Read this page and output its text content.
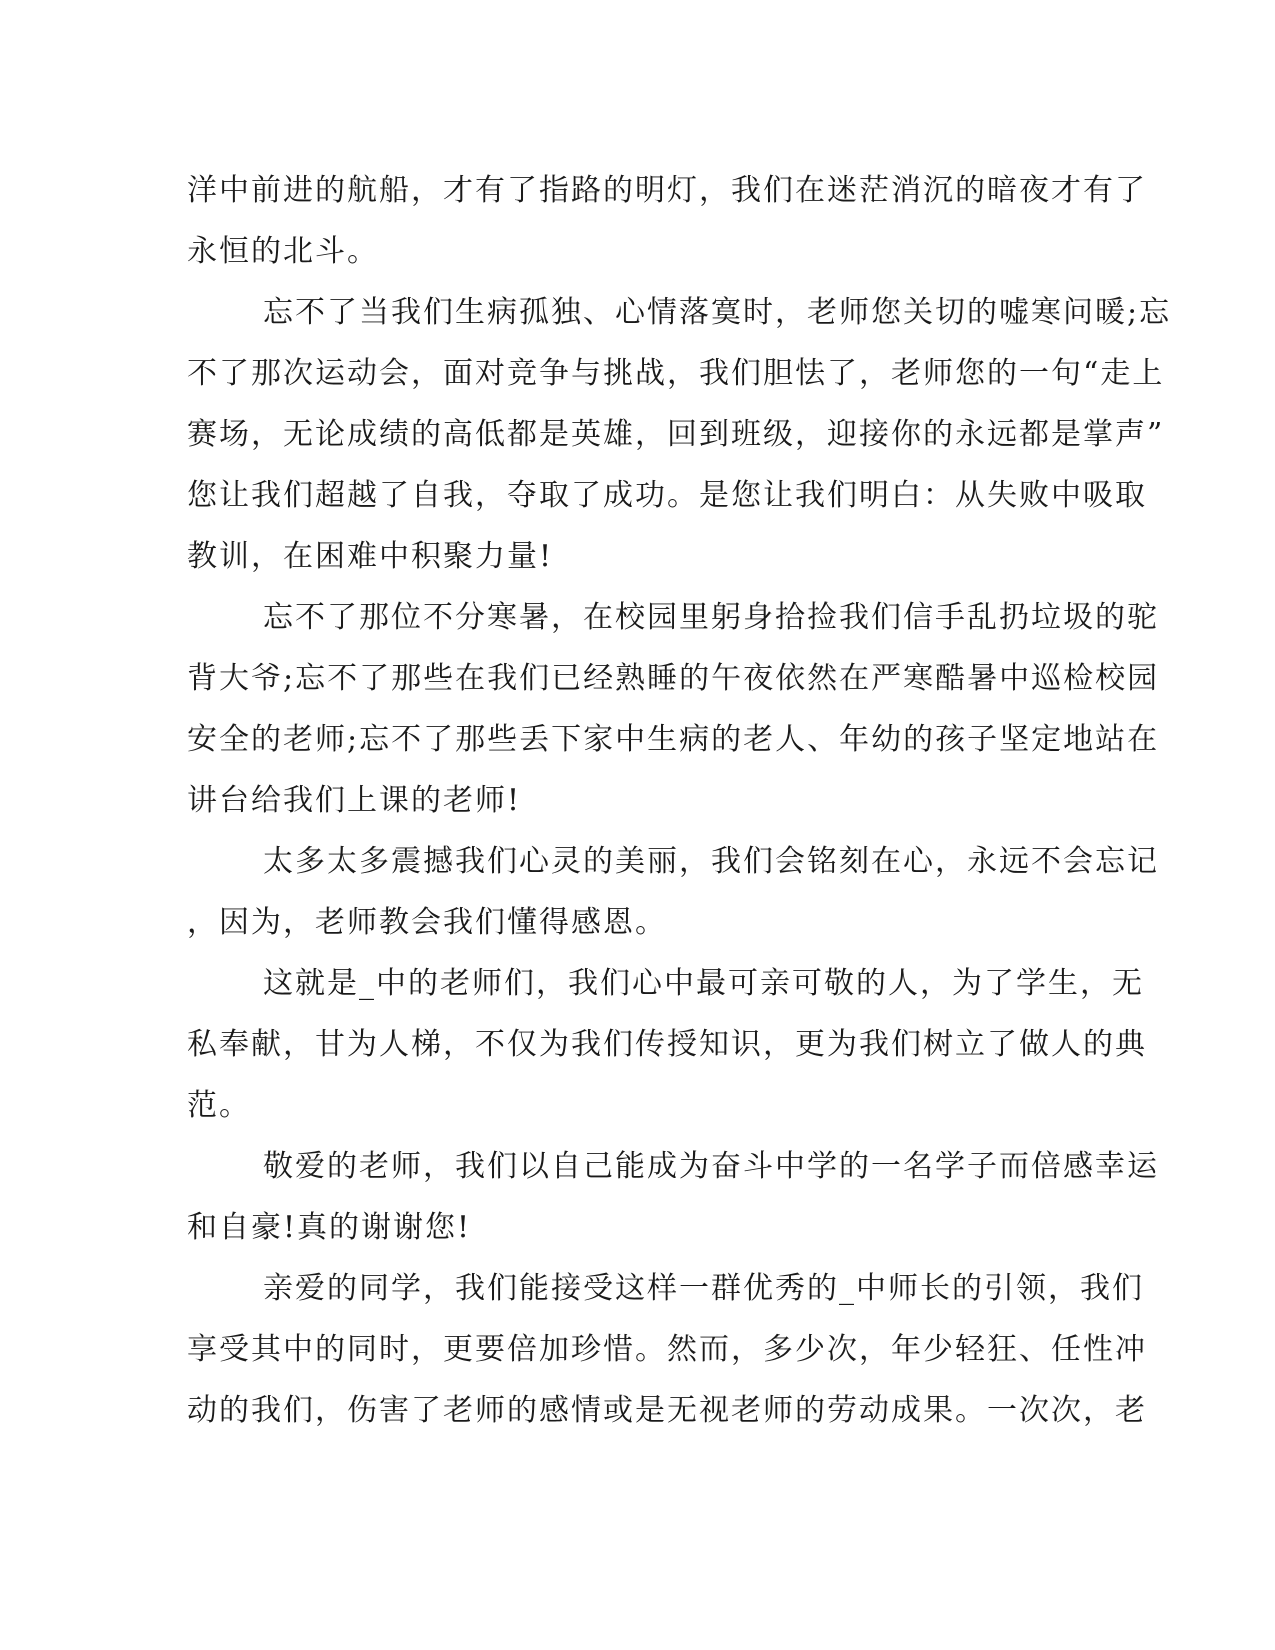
洋中前进的航船，才有了指路的明灯，我们在迷茫消沉的暗夜才有了
永恒的北斗。
忘不了当我们生病孤独、心情落寞时，老师您关切的嘘寒问暖;忘
不了那次运动会，面对竞争与挑战，我们胆怯了，老师您的一句“走上
赛场，无论成绩的高低都是英雄，回到班级，迎接你的永远都是掌声”
您让我们超越了自我，夺取了成功。是您让我们明白：从失败中吸取
教训，在困难中积聚力量!
忘不了那位不分寒暑，在校园里躬身拾捡我们信手乱扔垃圾的驼
背大爷;忘不了那些在我们已经熟睡的午夜依然在严寒酷暑中巡检校园
安全的老师;忘不了那些丢下家中生病的老人、年幼的孩子坚定地站在
讲台给我们上课的老师!
太多太多震撼我们心灵的美丽，我们会铭刻在心，永远不会忘记
，因为，老师教会我们懂得感恩。
这就是_中的老师们，我们心中最可亲可敬的人，为了学生，无
私奉献，甘为人梯，不仅为我们传授知识，更为我们树立了做人的典
范。
敬爱的老师，我们以自己能成为奋斗中学的一名学子而倍感幸运
和自豪!真的谢谢您!
亲爱的同学，我们能接受这样一群优秀的_中师长的引领，我们
享受其中的同时，更要倍加珍惜。然而，多少次，年少轻狂、任性冲
动的我们，伤害了老师的感情或是无视老师的劳动成果。一次次，老
